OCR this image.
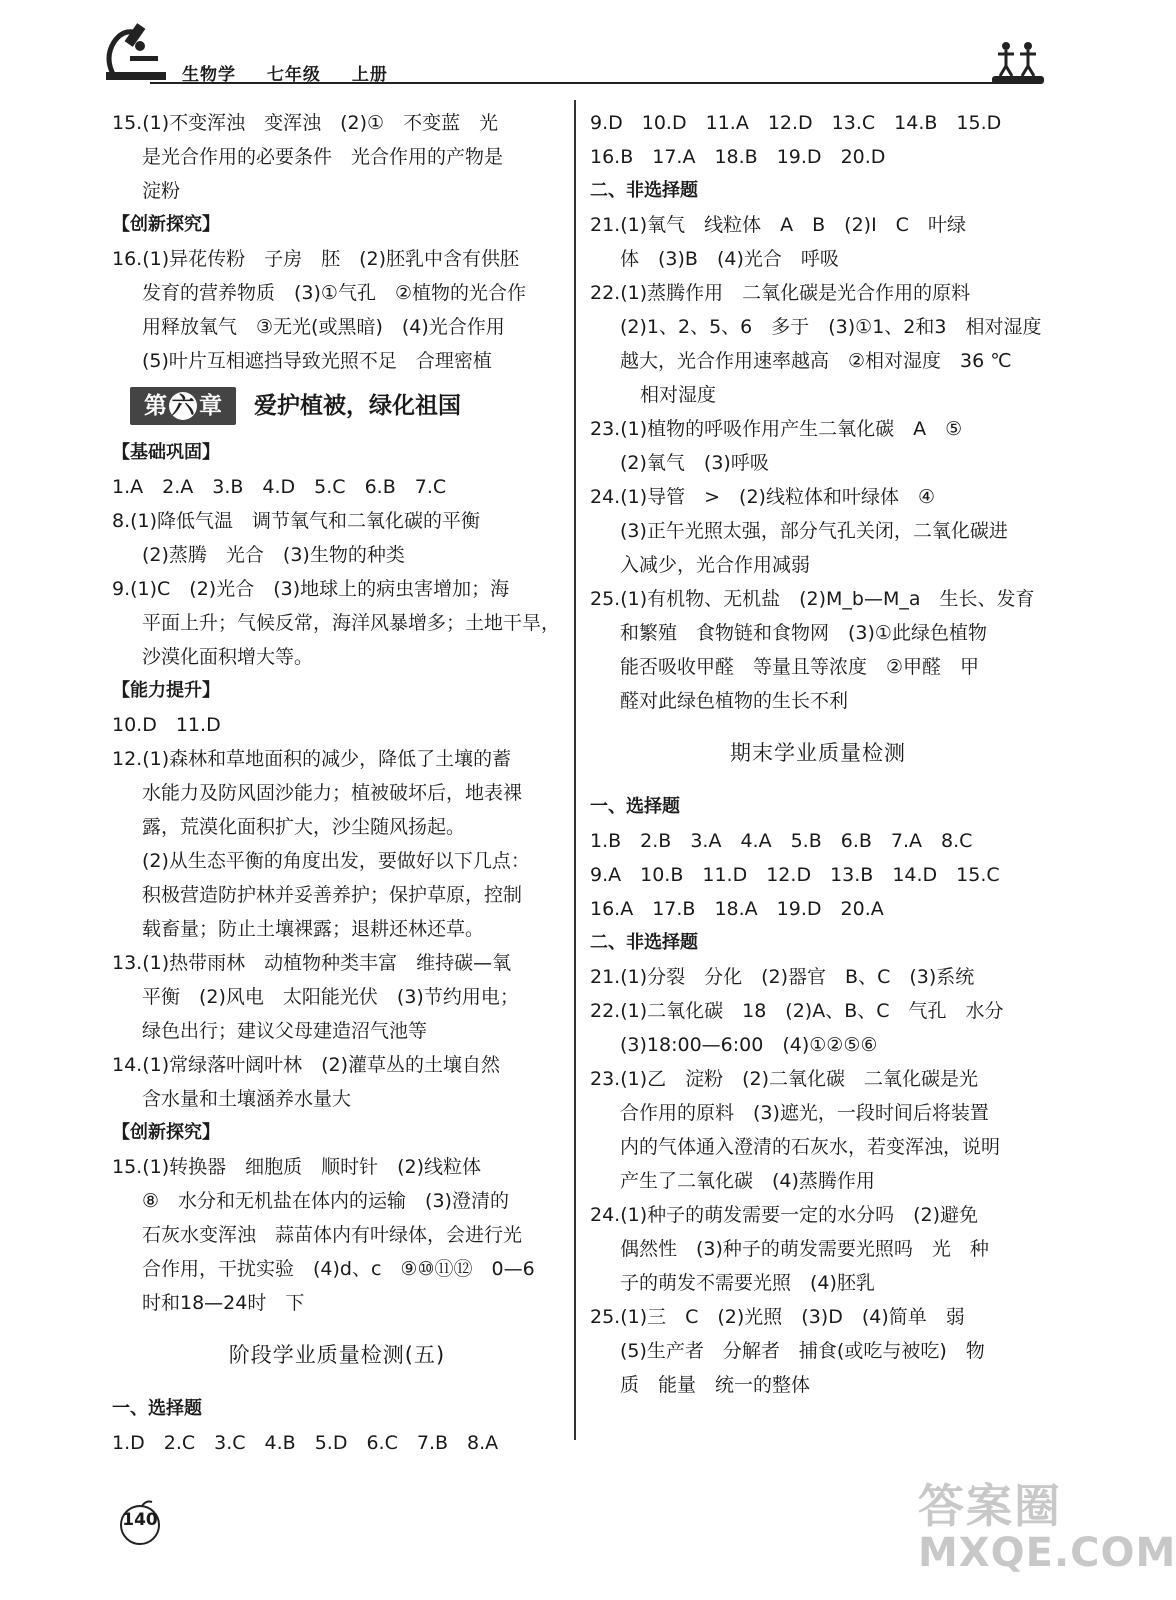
生物学 七年级 上册

15.(1)不变浑浊　变浑浊　(2)①　不变蓝　光

是光合作用的必要条件　光合作用的产物是

淀粉

【创新探究】

16.(1)异花传粉　子房　胚　(2)胚乳中含有供胚

发育的营养物质　(3)①气孔　②植物的光合作

用释放氧气　③无光(或黑暗)　(4)光合作用

(5)叶片互相遮挡导致光照不足　合理密植

第 六 章	爱护植被，绿化祖国

【基础巩固】

1.A　2.A　3.B　4.D　5.C　6.B　7.C

8.(1)降低气温　调节氧气和二氧化碳的平衡

(2)蒸腾　光合　(3)生物的种类

9.(1)C　(2)光合　(3)地球上的病虫害增加；海

平面上升；气候反常，海洋风暴增多；土地干旱，

沙漠化面积增大等。

【能力提升】

10.D　11.D

12.(1)森林和草地面积的减少，降低了土壤的蓄

水能力及防风固沙能力；植被破坏后，地表裸

露，荒漠化面积扩大，沙尘随风扬起。

(2)从生态平衡的角度出发，要做好以下几点：

积极营造防护林并妥善养护；保护草原，控制

载畜量；防止土壤裸露；退耕还林还草。

13.(1)热带雨林　动植物种类丰富　维持碳—氧

平衡　(2)风电　太阳能光伏　(3)节约用电；

绿色出行；建议父母建造沼气池等

14.(1)常绿落叶阔叶林　(2)灌草丛的土壤自然

含水量和土壤涵养水量大

【创新探究】

15.(1)转换器　细胞质　顺时针　(2)线粒体

⑧　水分和无机盐在体内的运输　(3)澄清的

石灰水变浑浊　蒜苗体内有叶绿体，会进行光

合作用，干扰实验　(4)d、c　⑨⑩⑪⑫　0—6

时和18—24时　下

阶段学业质量检测(五)

一、选择题

1.D　2.C　3.C　4.B　5.D　6.C　7.B　8.A

9.D　10.D　11.A　12.D　13.C　14.B　15.D

16.B　17.A　18.B　19.D　20.D

二、非选择题

21.(1)氧气　线粒体　A　B　(2)Ⅰ　C　叶绿

体　(3)B　(4)光合　呼吸

22.(1)蒸腾作用　二氧化碳是光合作用的原料

(2)1、2、5、6　多于　(3)①1、2和3　相对湿度

越大，光合作用速率越高　②相对湿度　36 ℃

相对湿度

23.(1)植物的呼吸作用产生二氧化碳　A　⑤

(2)氧气　(3)呼吸

24.(1)导管　>　(2)线粒体和叶绿体　④

(3)正午光照太强，部分气孔关闭，二氧化碳进

入减少，光合作用减弱

25.(1)有机物、无机盐　(2)M_b—M_a　生长、发育

和繁殖　食物链和食物网　(3)①此绿色植物

能否吸收甲醛　等量且等浓度　②甲醛　甲

醛对此绿色植物的生长不利

期末学业质量检测

一、选择题

1.B　2.B　3.A　4.A　5.B　6.B　7.A　8.C

9.A　10.B　11.D　12.D　13.B　14.D　15.C

16.A　17.B　18.A　19.D　20.A

二、非选择题

21.(1)分裂　分化　(2)器官　B、C　(3)系统

22.(1)二氧化碳　18　(2)A、B、C　气孔　水分

(3)18:00—6:00　(4)①②⑤⑥

23.(1)乙　淀粉　(2)二氧化碳　二氧化碳是光

合作用的原料　(3)遮光，一段时间后将装置

内的气体通入澄清的石灰水，若变浑浊，说明

产生了二氧化碳　(4)蒸腾作用

24.(1)种子的萌发需要一定的水分吗　(2)避免

偶然性　(3)种子的萌发需要光照吗　光　种

子的萌发不需要光照　(4)胚乳

25.(1)三　C　(2)光照　(3)D　(4)简单　弱

(5)生产者　分解者　捕食(或吃与被吃)　物

质　能量　统一的整体

140	答案圈
MXQE.COM
